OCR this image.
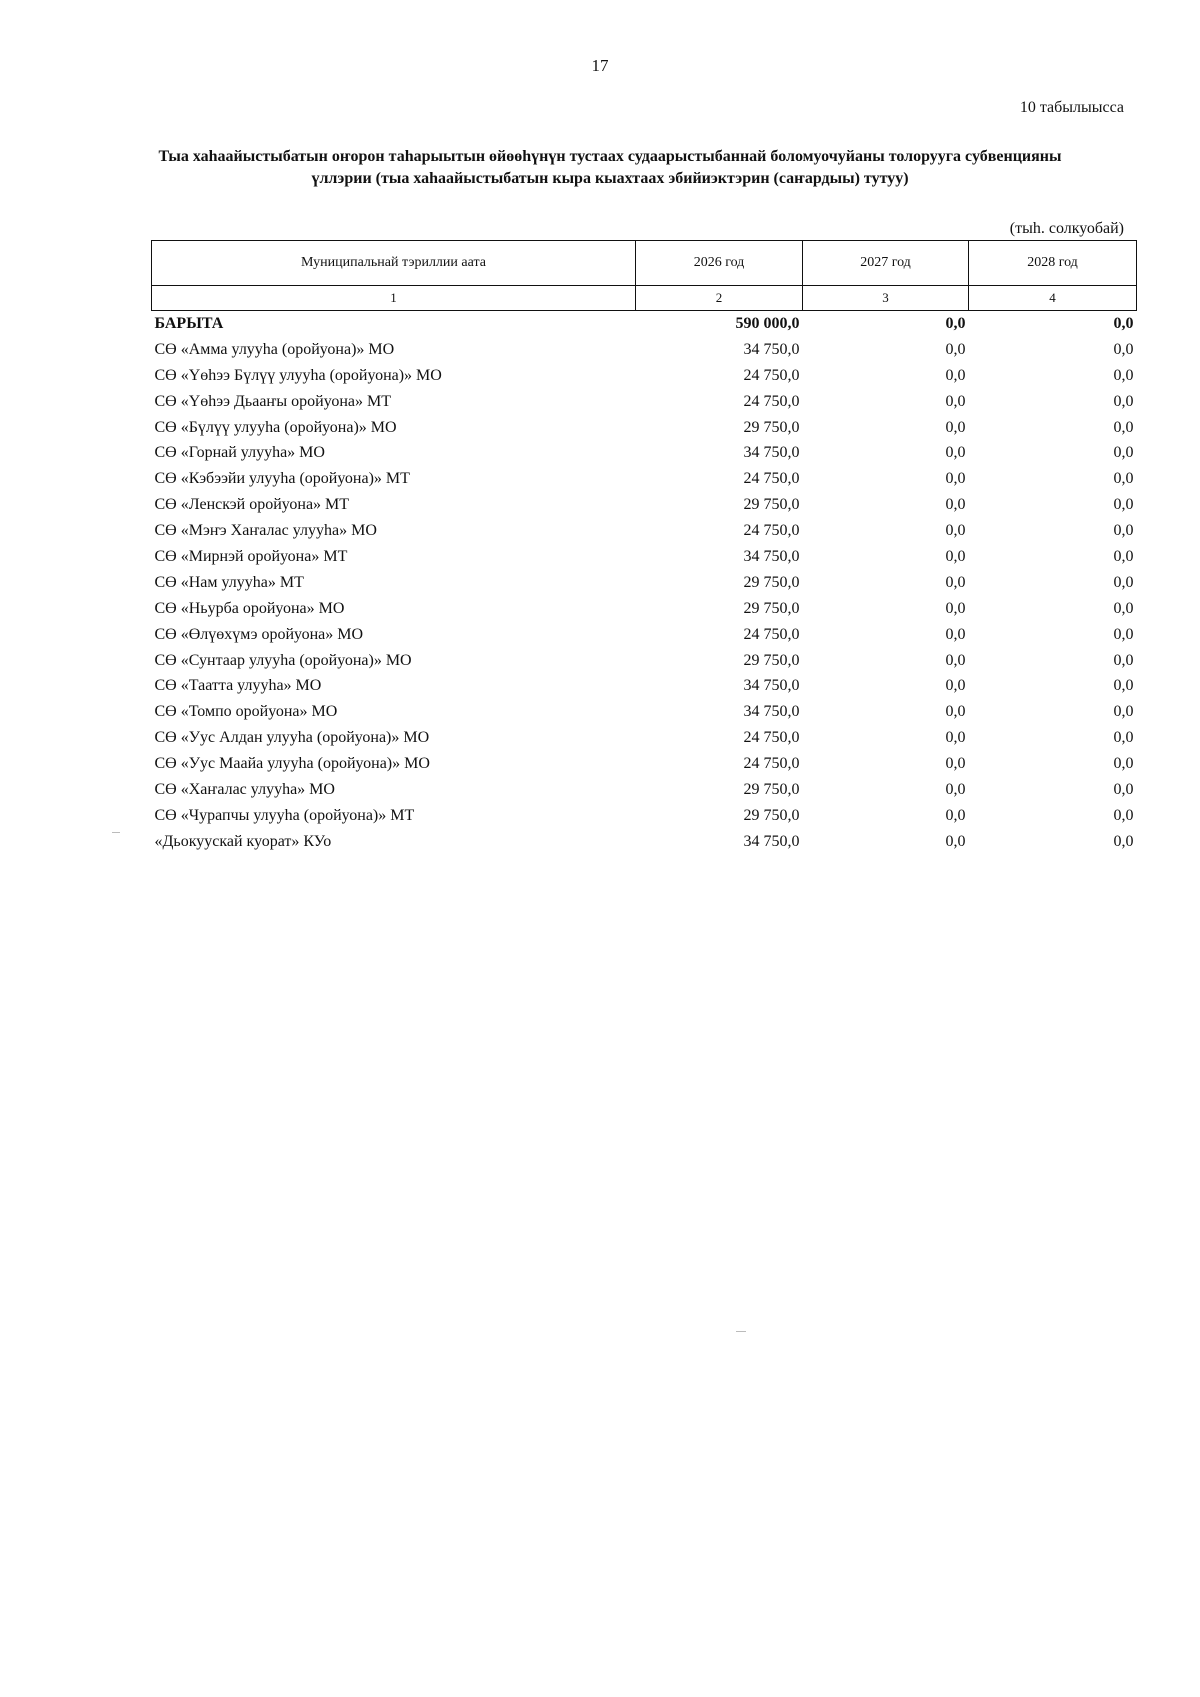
17
10 табылыысса
Тыа хаһаайыстыбатын оҥорон таһарыытын өйөөһүнүн тустаах судаарыстыбаннай боломуочуйаны толоруугa субвенцияны үллэрии (тыа хаһаайыстыбатын кыра кыахтаах эбийиэктэрин (саҥардыы) тутуу)
(тыһ. солкуобай)
Муниципальнай тэриллии аата	2026 год	2027 год	2028 год
1	2	3	4
БАРЫТА	590 000,0	0,0	0,0
СӨ «Амма улууһа (оройуона)» МО	34 750,0	0,0	0,0
СӨ «Үөһээ Бүлүү улууһа (оройуона)» МО	24 750,0	0,0	0,0
СӨ «Үөһээ Дьааҥы оройуона» МТ	24 750,0	0,0	0,0
СӨ «Бүлүү улууһа (оройуона)» МО	29 750,0	0,0	0,0
СӨ «Горнай улууһа» МО	34 750,0	0,0	0,0
СӨ «Кэбээйи улууһа (оройуона)» МТ	24 750,0	0,0	0,0
СӨ «Ленскэй оройуона» МТ	29 750,0	0,0	0,0
СӨ «Мэҥэ Хаҥалас улууһа» МО	24 750,0	0,0	0,0
СӨ «Мирнэй оройуона» МТ	34 750,0	0,0	0,0
СӨ «Нам улууһа» МТ	29 750,0	0,0	0,0
СӨ «Ньурба оройуона» МО	29 750,0	0,0	0,0
СӨ «Өлүөхүмэ оройуона» МО	24 750,0	0,0	0,0
СӨ «Сунтаар улууһа (оройуона)» МО	29 750,0	0,0	0,0
СӨ «Таатта улууһа» МО	34 750,0	0,0	0,0
СӨ «Томпо оройуона» МО	34 750,0	0,0	0,0
СӨ «Уус Алдан улууһа (оройуона)» МО	24 750,0	0,0	0,0
СӨ «Уус Маайа улууһа (оройуона)» МО	24 750,0	0,0	0,0
СӨ «Хаҥалас улууһа» МО	29 750,0	0,0	0,0
СӨ «Чурапчы улууһа (оройуона)» МТ	29 750,0	0,0	0,0
«Дьокуускай куорат» КУо	34 750,0	0,0	0,0
